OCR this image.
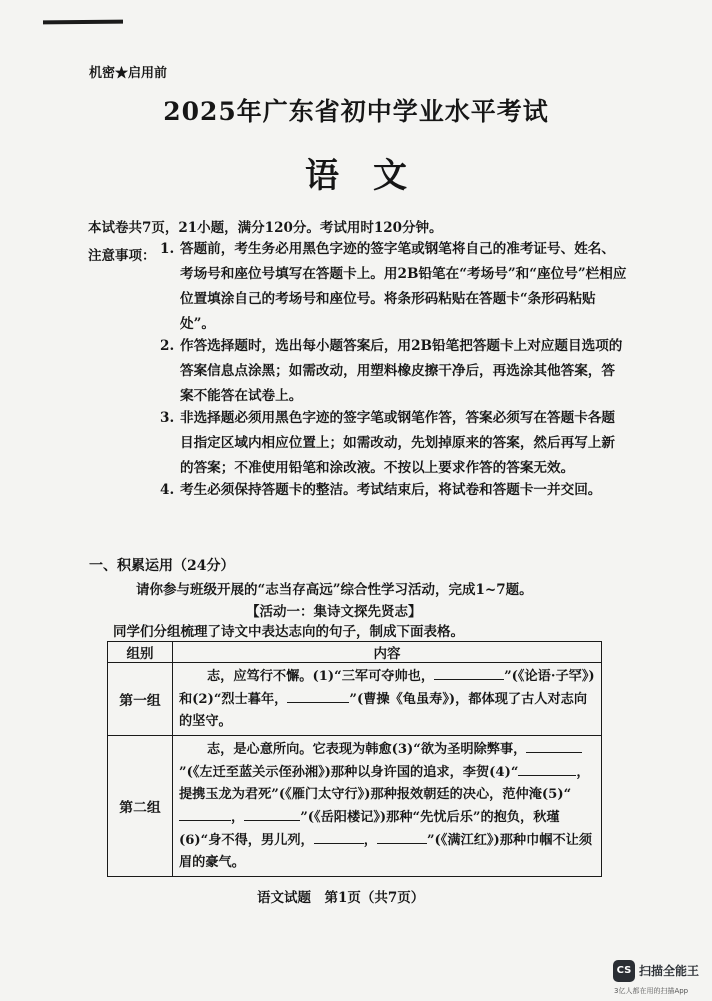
机密★启用前
2025年广东省初中学业水平考试
语文
本试卷共7页，21小题，满分120分。考试用时120分钟。
注意事项： 1. 答题前，考生务必用黑色字迹的签字笔或钢笔将自己的准考证号、姓名、考场号和座位号填写在答题卡上。用2B铅笔在“考场号”和“座位号”栏相应位置填涂自己的考场号和座位号。将条形码粘贴在答题卡“条形码粘贴处”。
2. 作答选择题时，选出每小题答案后，用2B铅笔把答题卡上对应题目选项的答案信息点涂黑；如需改动，用塑料橡皮擦干净后，再选涂其他答案，答案不能答在试卷上。
3. 非选择题必须用黑色字迹的签字笔或钢笔作答，答案必须写在答题卡各题目指定区域内相应位置上；如需改动，先划掉原来的答案，然后再写上新的答案；不准使用铅笔和涂改液。不按以上要求作答的答案无效。
4. 考生必须保持答题卡的整洁。考试结束后，将试卷和答题卡一并交回。
一、积累运用（24分）
请你参与班级开展的“志当存高远”综合性学习活动，完成1~7题。
【活动一：集诗文探先贤志】
同学们分组梳理了诗文中表达志向的句子，制成下面表格。
组别	内容
第一组	志，应笃行不懈。(1)“三军可夺帅也， ”(《论语·子罕》)和(2)“烈士暮年， ”(曹操《龟虽寿》)，都体现了古人对志向的坚守。
第二组	志，是心意所向。它表现为韩愈(3)“欲为圣明除弊事，”(《左迁至蓝关示侄孙湘》)那种以身许国的追求，李贺(4)“ ，提携玉龙为君死”(《雁门太守行》)那种报效朝廷的决心，范仲淹(5)“， ”(《岳阳楼记》)那种“先忧后乐”的抱负，秋瑾(6)“身不得，男儿列， ， ”(《满江红》)那种巾帼不让须眉的豪气。
语文试题　第1页（共7页）
CS 扫描全能王
3亿人都在用的扫描App
